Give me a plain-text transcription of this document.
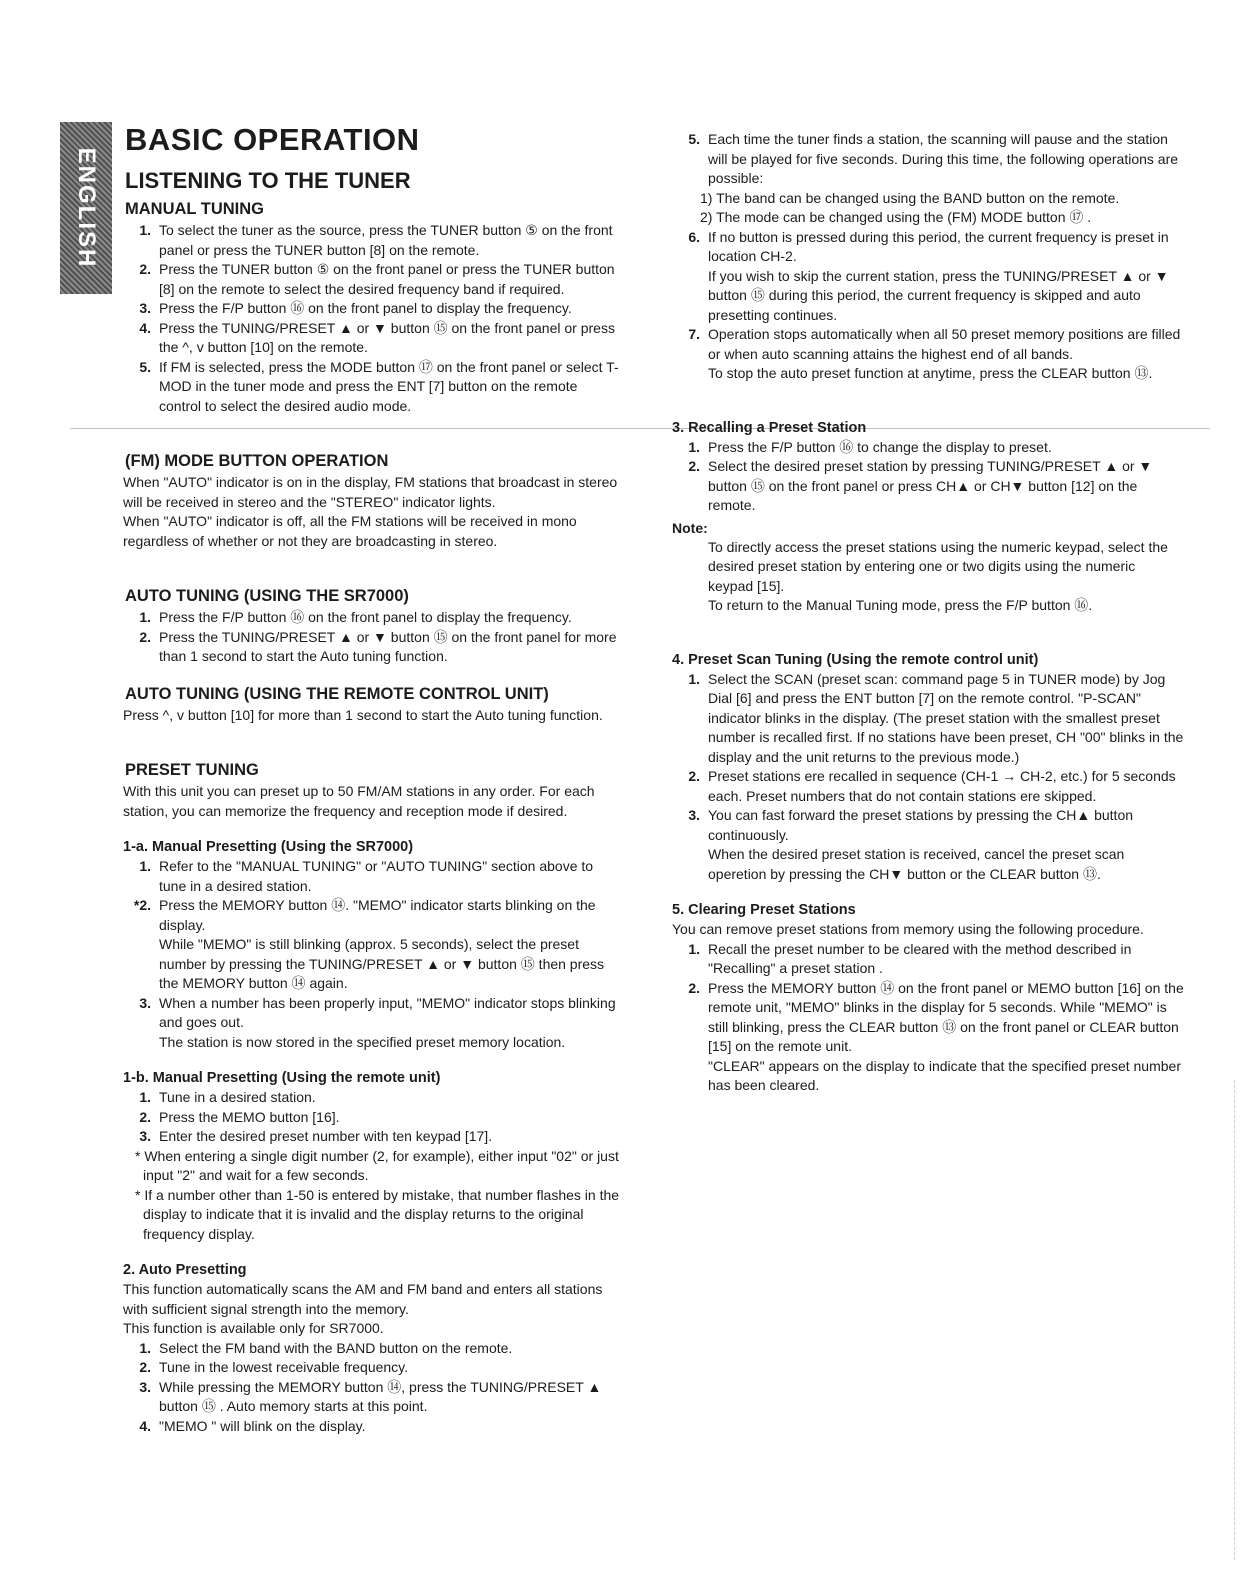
ENGLISH
BASIC OPERATION
LISTENING TO THE TUNER
MANUAL TUNING
1. To select the tuner as the source, press the TUNER button ⑤ on the front panel or press the TUNER button [8] on the remote.
2. Press the TUNER button ⑤ on the front panel or press the TUNER button [8] on the remote to select the desired frequency band if required.
3. Press the F/P button ⑯ on the front panel to display the frequency.
4. Press the TUNING/PRESET ▲ or ▼ button ⑮ on the front panel or press the ^, v button [10] on the remote.
5. If FM is selected, press the MODE button ⑰ on the front panel or select T-MOD in the tuner mode and press the ENT [7] button on the remote control to select the desired audio mode.
(FM) MODE BUTTON OPERATION

When "AUTO" indicator is on in the display, FM stations that broadcast in stereo will be received in stereo and the "STEREO" indicator lights.

When "AUTO" indicator is off, all the FM stations will be received in mono regardless of whether or not they are broadcasting in stereo.

AUTO TUNING (USING THE SR7000)
1. Press the F/P button ⑯ on the front panel to display the frequency.
2. Press the TUNING/PRESET ▲ or ▼ button ⑮ on the front panel for more than 1 second to start the Auto tuning function.
AUTO TUNING (USING THE REMOTE CONTROL UNIT)

Press ^, v button [10] for more than 1 second to start the Auto tuning function.

PRESET TUNING

With this unit you can preset up to 50 FM/AM stations in any order. For each station, you can memorize the frequency and reception mode if desired.

1-a. Manual Presetting (Using the SR7000)
1. Refer to the "MANUAL TUNING" or "AUTO TUNING" section above to tune in a desired station.
*2. Press the MEMORY button ⑭. "MEMO" indicator starts blinking on the display.
While "MEMO" is still blinking (approx. 5 seconds), select the preset number by pressing the TUNING/PRESET ▲ or ▼ button ⑮ then press the MEMORY button ⑭ again.
3. When a number has been properly input, "MEMO" indicator stops blinking and goes out.
The station is now stored in the specified preset memory location.
1-b. Manual Presetting (Using the remote unit)
1. Tune in a desired station.
2. Press the MEMO button [16].
3. Enter the desired preset number with ten keypad [17].
* When entering a single digit number (2, for example), either input "02" or just input "2" and wait for a few seconds.
* If a number other than 1-50 is entered by mistake, that number flashes in the display to indicate that it is invalid and the display returns to the original frequency display.
2. Auto Presetting

This function automatically scans the AM and FM band and enters all stations with sufficient signal strength into the memory.

This function is available only for SR7000.

1. Select the FM band with the BAND button on the remote.
2. Tune in the lowest receivable frequency.
3. While pressing the MEMORY button ⑭, press the TUNING/PRESET ▲ button ⑮ . Auto memory starts at this point.
4. "MEMO " will blink on the display.
5. Each time the tuner finds a station, the scanning will pause and the station will be played for five seconds. During this time, the following operations are possible:
1) The band can be changed using the BAND button on the remote.
2) The mode can be changed using the (FM) MODE button ⑰ .
6. If no button is pressed during this period, the current frequency is preset in location CH-2.
If you wish to skip the current station, press the TUNING/PRESET ▲ or ▼ button ⑮ during this period, the current frequency is skipped and auto presetting continues.
7. Operation stops automatically when all 50 preset memory positions are filled or when auto scanning attains the highest end of all bands.
To stop the auto preset function at anytime, press the CLEAR button ⑬.
3. Recalling a Preset Station
1. Press the F/P button ⑯ to change the display to preset.
2. Select the desired preset station by pressing TUNING/PRESET ▲ or ▼ button ⑮ on the front panel or press CH▲ or CH▼ button [12] on the remote.
Note:

To directly access the preset stations using the numeric keypad, select the desired preset station by entering one or two digits using the numeric keypad [15].

To return to the Manual Tuning mode, press the F/P button ⑯.

4. Preset Scan Tuning (Using the remote control unit)
1. Select the SCAN (preset scan: command page 5 in TUNER mode) by Jog Dial [6] and press the ENT button [7] on the remote control. "P-SCAN" indicator blinks in the display. (The preset station with the smallest preset number is recalled first. If no stations have been preset, CH "00" blinks in the display and the unit returns to the previous mode.)
2. Preset stations ere recalled in sequence (CH-1 → CH-2, etc.) for 5 seconds each. Preset numbers that do not contain stations ere skipped.
3. You can fast forward the preset stations by pressing the CH▲ button continuously.
When the desired preset station is received, cancel the preset scan operetion by pressing the CH▼ button or the CLEAR button ⑬.
5. Clearing Preset Stations

You can remove preset stations from memory using the following procedure.

1. Recall the preset number to be cleared with the method described in "Recalling" a preset station .
2. Press the MEMORY button ⑭ on the front panel or MEMO button [16] on the remote unit, "MEMO" blinks in the display for 5 seconds. While "MEMO" is still blinking, press the CLEAR button ⑬ on the front panel or CLEAR button [15] on the remote unit.
"CLEAR" appears on the display to indicate that the specified preset number has been cleared.
